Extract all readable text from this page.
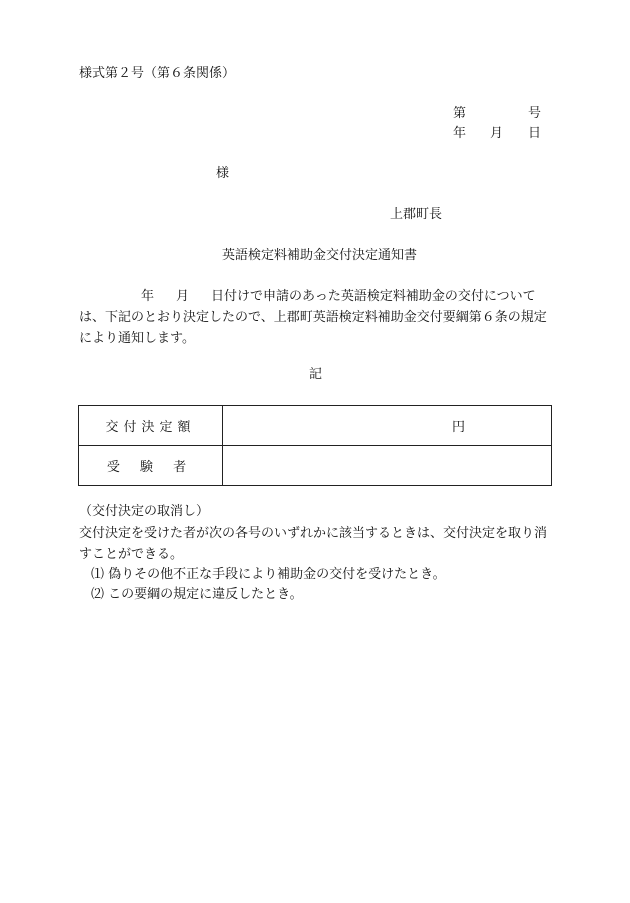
様式第２号（第６条関係）
第	号
年 月 日
様
上郡町長
英語検定料補助金交付決定通知書
年 月 日付けで申請のあった英語検定料補助金の交付については、下記のとおり決定したので、上郡町英語検定料補助金交付要綱第６条の規定により通知します。
記
交付決定額	円
受 験 者	
（交付決定の取消し）
交付決定を受けた者が次の各号のいずれかに該当するときは、交付決定を取り消すことができる。
⑴ 偽りその他不正な手段により補助金の交付を受けたとき。
⑵ この要綱の規定に違反したとき。
